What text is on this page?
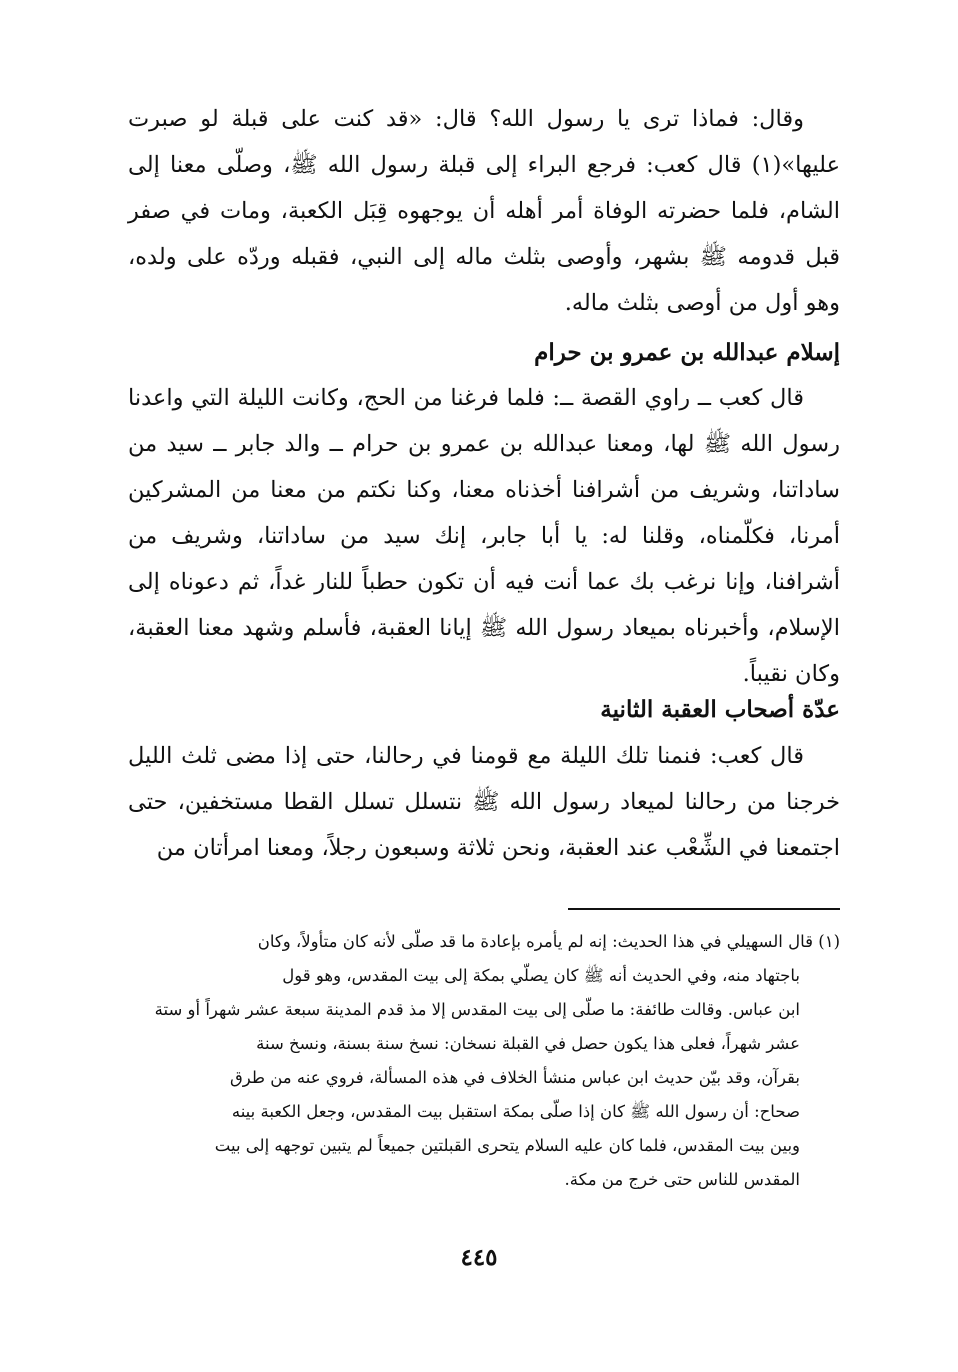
وقال: فماذا ترى يا رسول الله؟ قال: «قد كنت على قبلة لو صبرت عليها»(١) قال كعب: فرجع البراء إلى قبلة رسول الله ﷺ، وصلّى معنا إلى الشام، فلما حضرته الوفاة أمر أهله أن يوجهوه قِبَل الكعبة، ومات في صفر قبل قدومه ﷺ بشهر، وأوصى بثلث ماله إلى النبي، فقبله وردّه على ولده، وهو أول من أوصى بثلث ماله.

إسلام عبدالله بن عمرو بن حرام

قال كعب ــ راوي القصة ــ: فلما فرغنا من الحج، وكانت الليلة التي واعدنا رسول الله ﷺ لها، ومعنا عبدالله بن عمرو بن حرام ــ والد جابر ــ سيد من ساداتنا، وشريف من أشرافنا أخذناه معنا، وكنا نكتم من معنا من المشركين أمرنا، فكلّمناه، وقلنا له: يا أبا جابر، إنك سيد من ساداتنا، وشريف من أشرافنا، وإنا نرغب بك عما أنت فيه أن تكون حطباً للنار غداً، ثم دعوناه إلى الإسلام، وأخبرناه بميعاد رسول الله ﷺ إيانا العقبة، فأسلم وشهد معنا العقبة، وكان نقيباً.

عدّة أصحاب العقبة الثانية

قال كعب: فنمنا تلك الليلة مع قومنا في رحالنا، حتى إذا مضى ثلث الليل خرجنا من رحالنا لميعاد رسول الله ﷺ نتسلل تسلل القطا مستخفين، حتى اجتمعنا في الشِّعْب عند العقبة، ونحن ثلاثة وسبعون رجلاً، ومعنا امرأتان من

(١) قال السهيلي في هذا الحديث: إنه لم يأمره بإعادة ما قد صلّى لأنه كان متأولاً، وكان

باجتهاد منه، وفي الحديث أنه ﷺ كان يصلّي بمكة إلى بيت المقدس، وهو قول

ابن عباس. وقالت طائفة: ما صلّى إلى بيت المقدس إلا مذ قدم المدينة سبعة عشر شهراً أو ستة

عشر شهراً، فعلى هذا يكون حصل في القبلة نسخان: نسخ سنة بسنة، ونسخ سنة

بقرآن، وقد بيّن حديث ابن عباس منشأ الخلاف في هذه المسألة، فروي عنه من طرق

صحاح: أن رسول الله ﷺ كان إذا صلّى بمكة استقبل بيت المقدس، وجعل الكعبة بينه

وبين بيت المقدس، فلما كان عليه السلام يتحرى القبلتين جميعاً لم يتبين توجهه إلى بيت

المقدس للناس حتى خرج من مكة.

٤٤٥
